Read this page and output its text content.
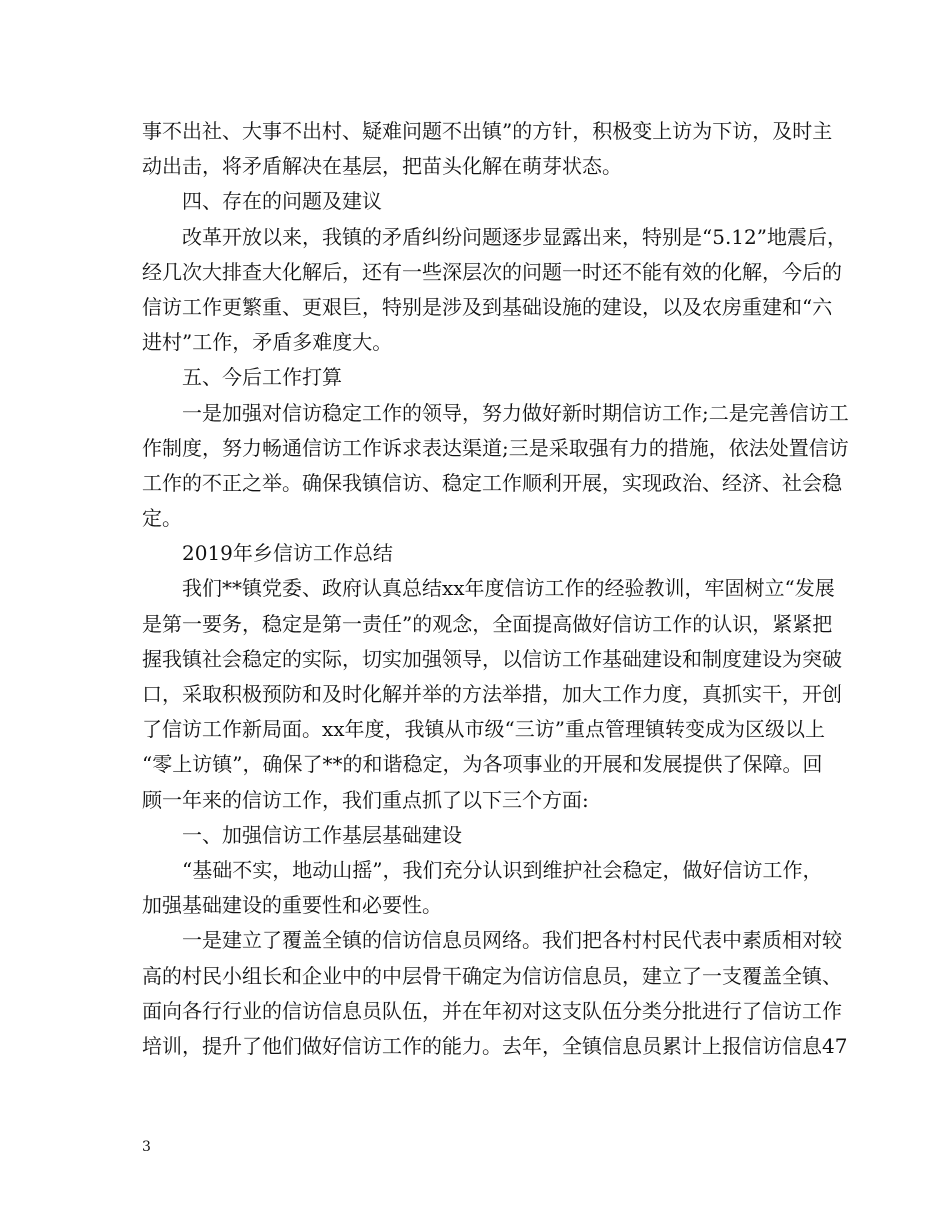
事不出社、大事不出村、疑难问题不出镇”的方针，积极变上访为下访，及时主
动出击，将矛盾解决在基层，把苗头化解在萌芽状态。
四、存在的问题及建议
改革开放以来，我镇的矛盾纠纷问题逐步显露出来，特别是“5.12”地震后，
经几次大排查大化解后，还有一些深层次的问题一时还不能有效的化解，今后的
信访工作更繁重、更艰巨，特别是涉及到基础设施的建设，以及农房重建和“六
进村”工作，矛盾多难度大。
五、今后工作打算
一是加强对信访稳定工作的领导，努力做好新时期信访工作;二是完善信访工
作制度，努力畅通信访工作诉求表达渠道;三是采取强有力的措施，依法处置信访
工作的不正之举。确保我镇信访、稳定工作顺利开展，实现政治、经济、社会稳
定。
2019年乡信访工作总结
我们**镇党委、政府认真总结xx年度信访工作的经验教训，牢固树立“发展
是第一要务，稳定是第一责任”的观念，全面提高做好信访工作的认识，紧紧把
握我镇社会稳定的实际，切实加强领导，以信访工作基础建设和制度建设为突破
口，采取积极预防和及时化解并举的方法举措，加大工作力度，真抓实干，开创
了信访工作新局面。xx年度，我镇从市级“三访”重点管理镇转变成为区级以上
“零上访镇”，确保了**的和谐稳定，为各项事业的开展和发展提供了保障。回
顾一年来的信访工作，我们重点抓了以下三个方面:
一、加强信访工作基层基础建设
“基础不实，地动山摇”，我们充分认识到维护社会稳定，做好信访工作，
加强基础建设的重要性和必要性。
一是建立了覆盖全镇的信访信息员网络。我们把各村村民代表中素质相对较
高的村民小组长和企业中的中层骨干确定为信访信息员，建立了一支覆盖全镇、
面向各行行业的信访信息员队伍，并在年初对这支队伍分类分批进行了信访工作
培训，提升了他们做好信访工作的能力。去年，全镇信息员累计上报信访信息47
3
